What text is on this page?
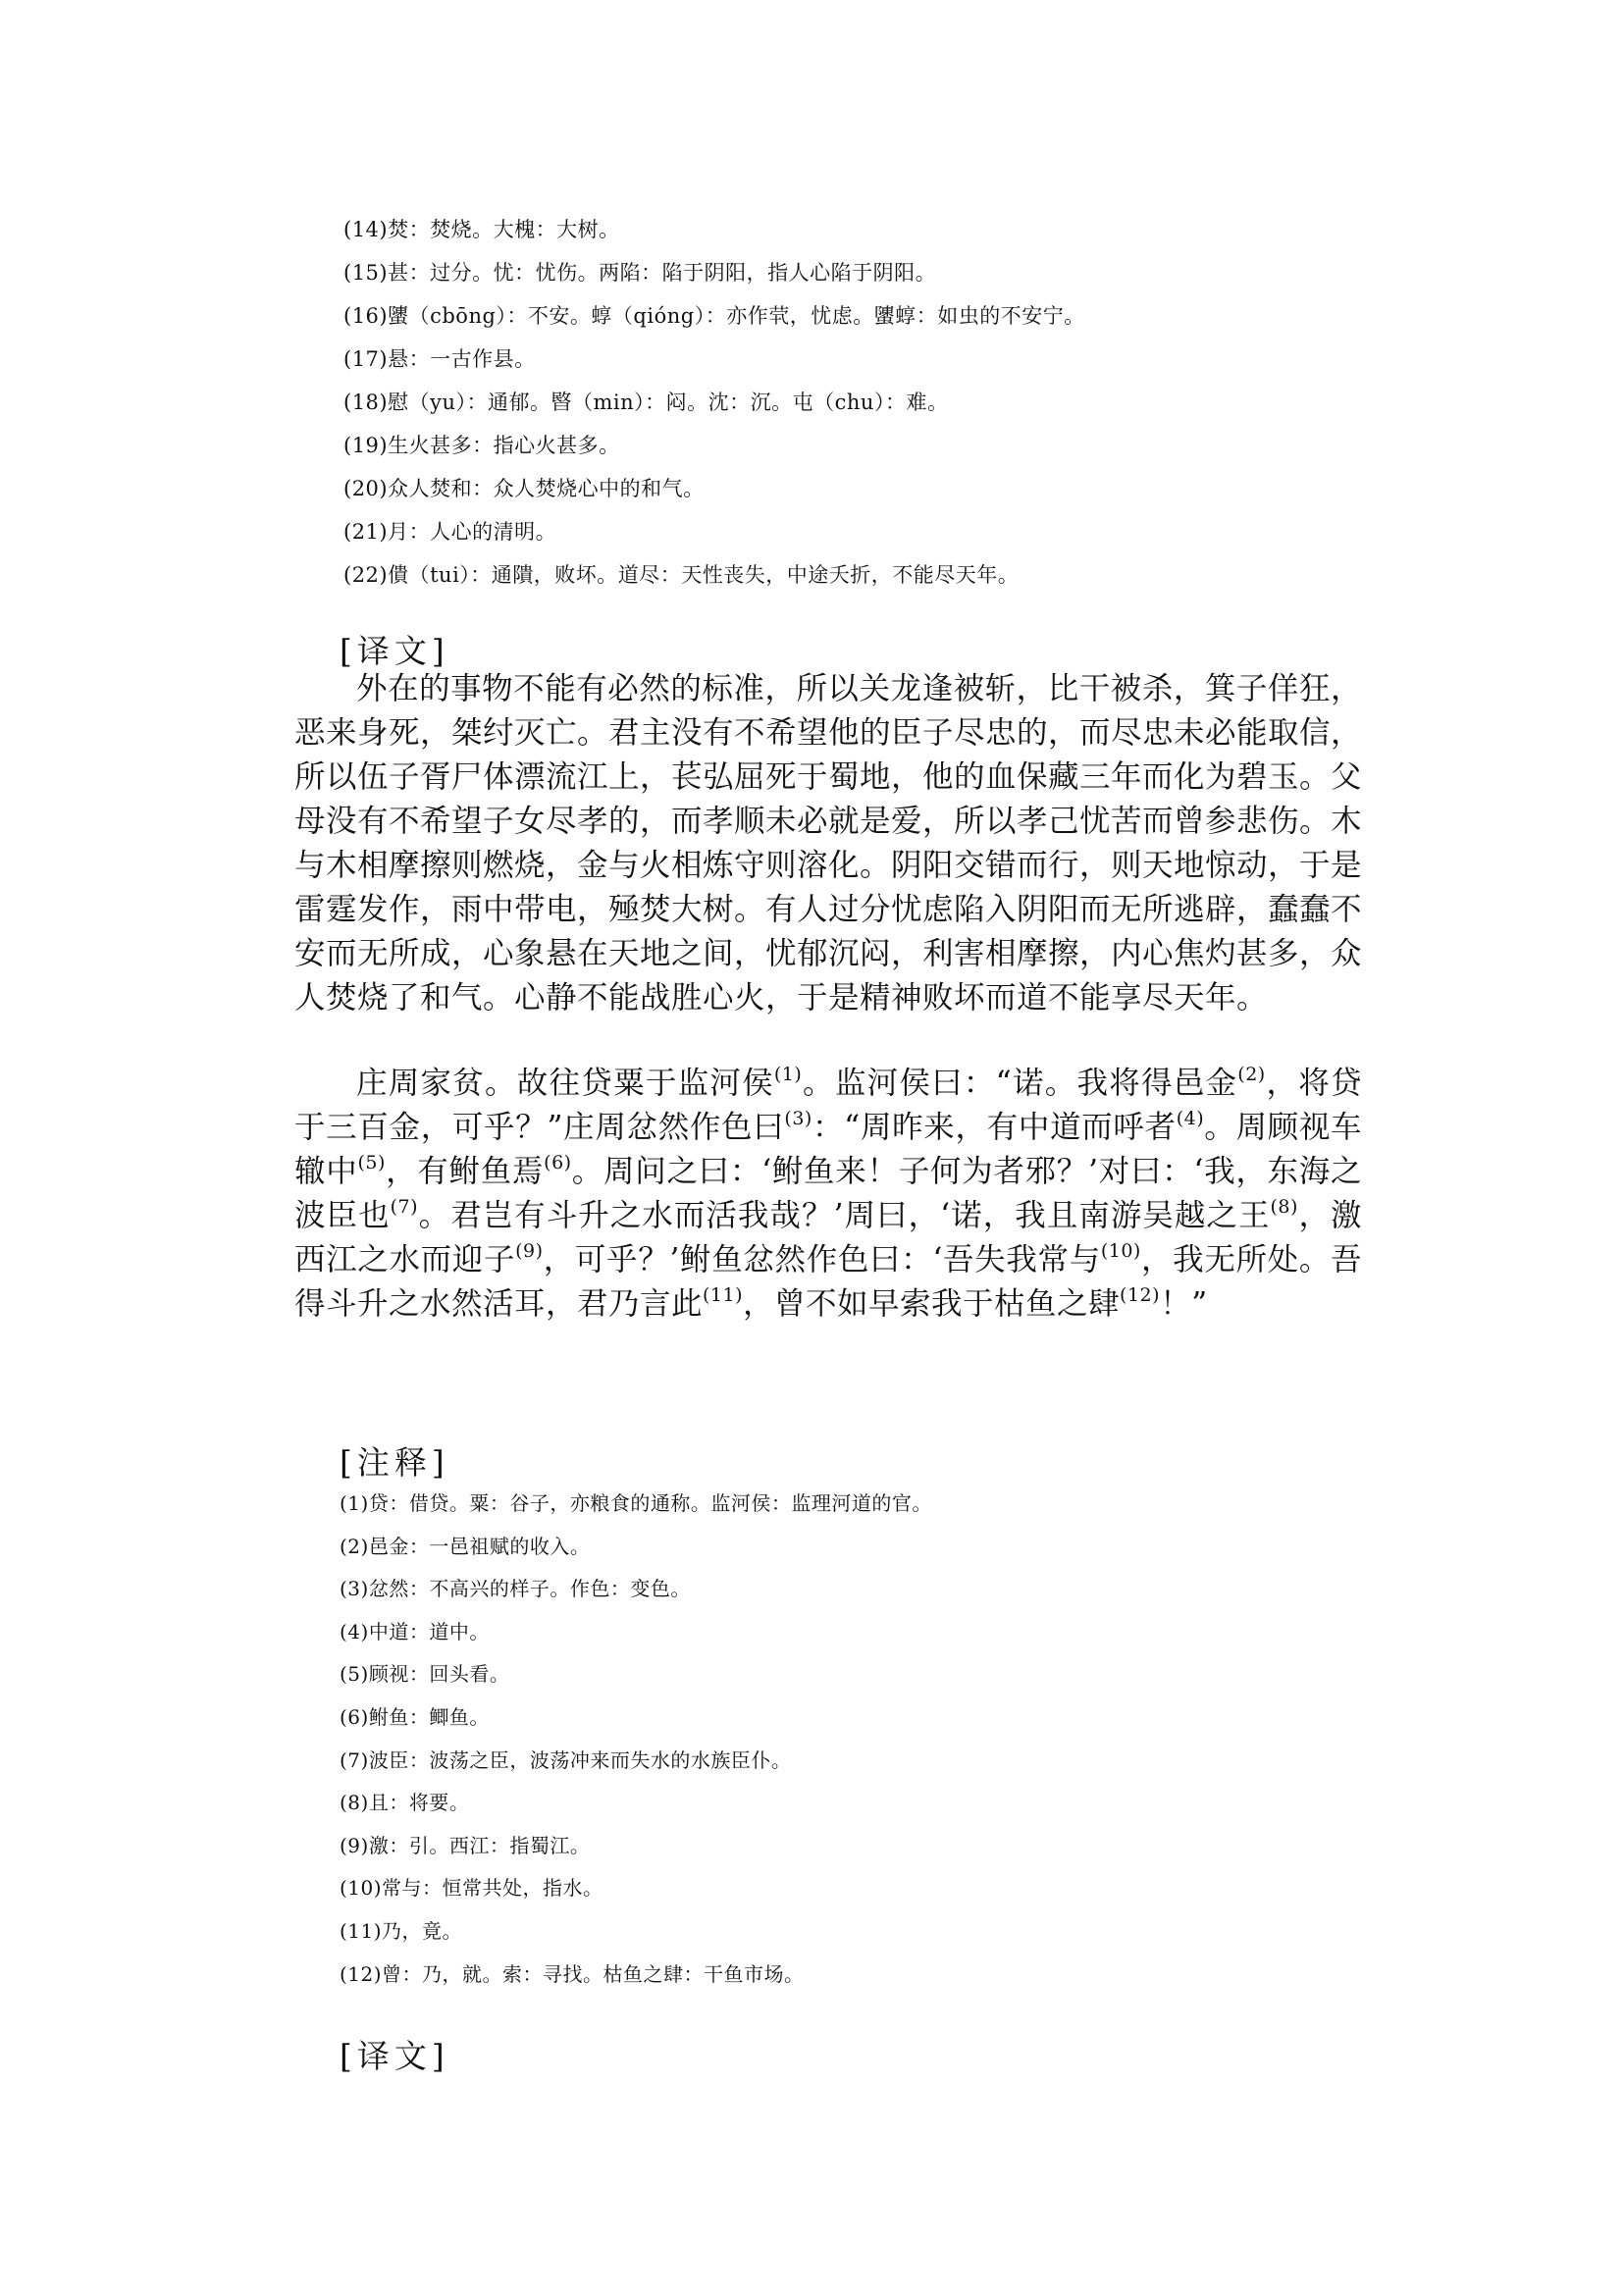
(14)焚：焚烧。大槐：大树。
(15)甚：过分。忧：忧伤。两陷：陷于阴阳，指人心陷于阴阳。
(16)螴（cbōng）：不安。蜳（qióng）：亦作茕，忧虑。螴蜳：如虫的不安宁。
(17)悬：一古作县。
(18)慰（yu）：通郁。暋（min）：闷。沈：沉。屯（chu）：难。
(19)生火甚多：指心火甚多。
(20)众人焚和：众人焚烧心中的和气。
(21)月：人心的清明。
(22)僓（tui）：通隤，败坏。道尽：天性丧失，中途夭折，不能尽天年。
[译文]
外在的事物不能有必然的标准，所以关龙逢被斩，比干被杀，箕子佯狂，恶来身死，桀纣灭亡。君主没有不希望他的臣子尽忠的，而尽忠未必能取信，所以伍子胥尸体漂流江上，苌弘屈死于蜀地，他的血保藏三年而化为碧玉。父母没有不希望子女尽孝的，而孝顺未必就是爱，所以孝己忧苦而曾参悲伤。木与木相摩擦则燃烧，金与火相炼守则溶化。阴阳交错而行，则天地惊动，于是雷霆发作，雨中带电，殛焚大树。有人过分忧虑陷入阴阳而无所逃辟，蠢蠢不安而无所成，心象悬在天地之间，忧郁沉闷，利害相摩擦，内心焦灼甚多，众人焚烧了和气。心静不能战胜心火，于是精神败坏而道不能享尽天年。
庄周家贫。故往贷粟于监河侯$^{(1)}$。监河侯曰：“诺。我将得邑金$^{(2)}$，将贷于三百金，可乎？”庄周忿然作色曰$^{(3)}$：“周昨来，有中道而呼者$^{(4)}$。周顾视车辙中$^{(5)}$，有鲋鱼焉$^{(6)}$。周问之曰：‘鲋鱼来！子何为者邪？’对曰：‘我，东海之波臣也$^{(7)}$。君岂有斗升之水而活我哉？’周曰，‘诺，我且南游吴越之王$^{(8)}$，激西江之水而迎子$^{(9)}$，可乎？’鲋鱼忿然作色曰：‘吾失我常与$^{(10)}$，我无所处。吾得斗升之水然活耳，君乃言此$^{(11)}$，曾不如早索我于枯鱼之肆$^{(12)}$！”
[注释]
(1)贷：借贷。粟：谷子，亦粮食的通称。监河侯：监理河道的官。
(2)邑金：一邑祖赋的收入。
(3)忿然：不高兴的样子。作色：变色。
(4)中道：道中。
(5)顾视：回头看。
(6)鲋鱼：鲫鱼。
(7)波臣：波荡之臣，波荡冲来而失水的水族臣仆。
(8)且：将要。
(9)激：引。西江：指蜀江。
(10)常与：恒常共处，指水。
(11)乃，竟。
(12)曾：乃，就。索：寻找。枯鱼之肆：干鱼市场。
[译文]
